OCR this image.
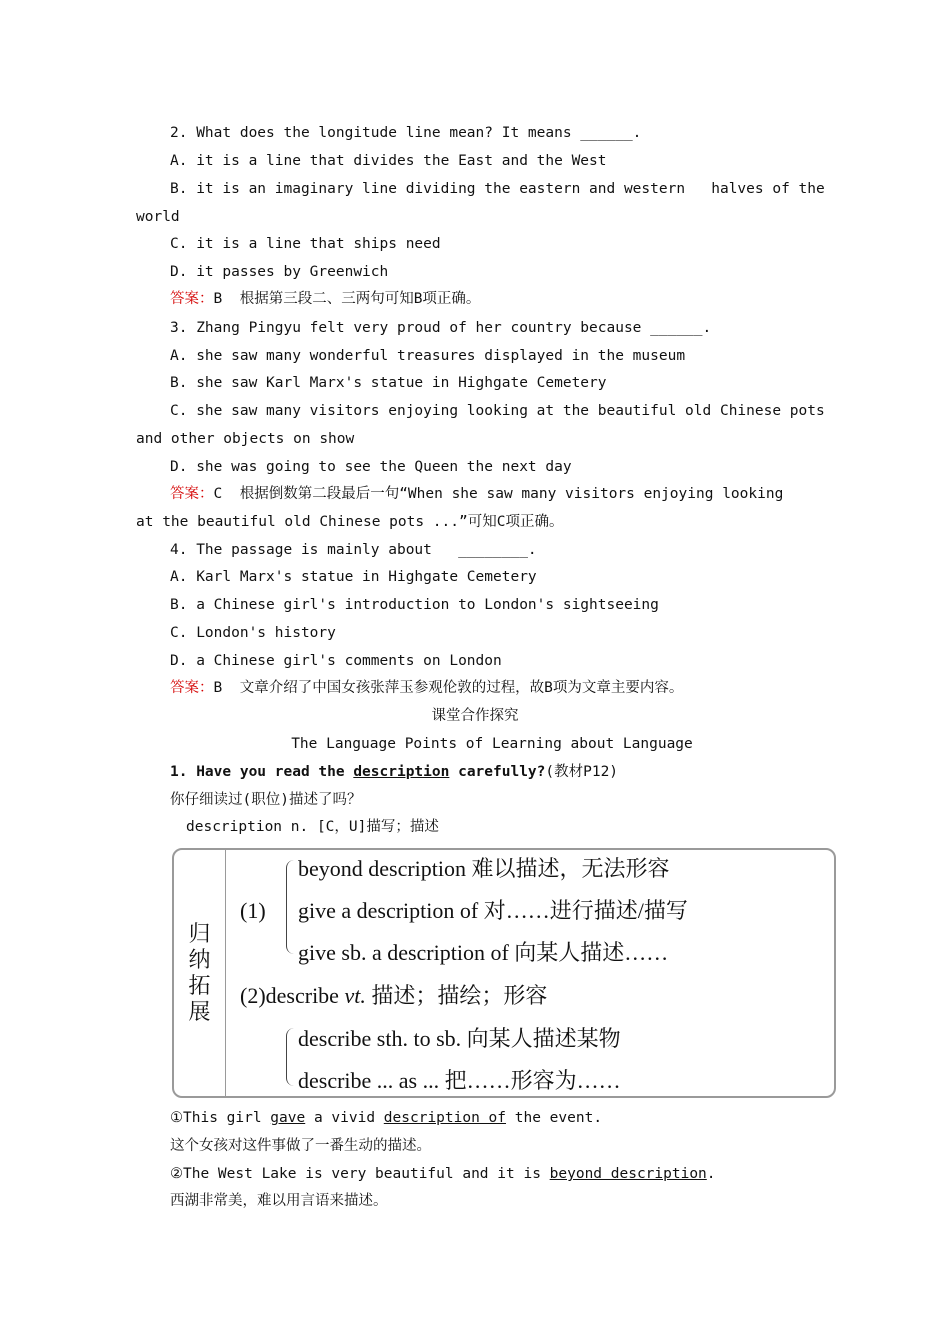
2. What does the longitude line mean? It means ______.
A. it is a line that divides the East and the West
B. it is an imaginary line dividing the eastern and western   halves of the
world
C. it is a line that ships need
D. it passes by Greenwich
答案：B  根据第三段二、三两句可知B项正确。
3. Zhang Pingyu felt very proud of her country because ______.
A. she saw many wonderful treasures displayed in the museum
B. she saw Karl Marx's statue in Highgate Cemetery
C. she saw many visitors enjoying looking at the beautiful old Chinese pots
and other objects on show
D. she was going to see the Queen the next day
答案：C  根据倒数第二段最后一句“When she saw many visitors enjoying looking
at the beautiful old Chinese pots ...”可知C项正确。
4. The passage is mainly about   ________.
A. Karl Marx's statue in Highgate Cemetery
B. a Chinese girl's introduction to London's sightseeing
C. London's history
D. a Chinese girl's comments on London
答案：B  文章介绍了中国女孩张萍玉参观伦敦的过程，故B项为文章主要内容。
课堂合作探究
The Language Points of Learning about Language
1. Have you read the description carefully?(教材P12)
你仔细读过(职位)描述了吗？
description n. [C，U]描写；描述
归
纳
拓
展
(1)
beyond description 难以描述，无法形容
give a description of 对……进行描述/描写
give sb. a description of 向某人描述……
(2)describe vt. 描述；描绘；形容
describe sth. to sb. 向某人描述某物
describe ... as ... 把……形容为……
①This girl gave a vivid description of the event.
这个女孩对这件事做了一番生动的描述。
②The West Lake is very beautiful and it is beyond description.
西湖非常美，难以用言语来描述。
